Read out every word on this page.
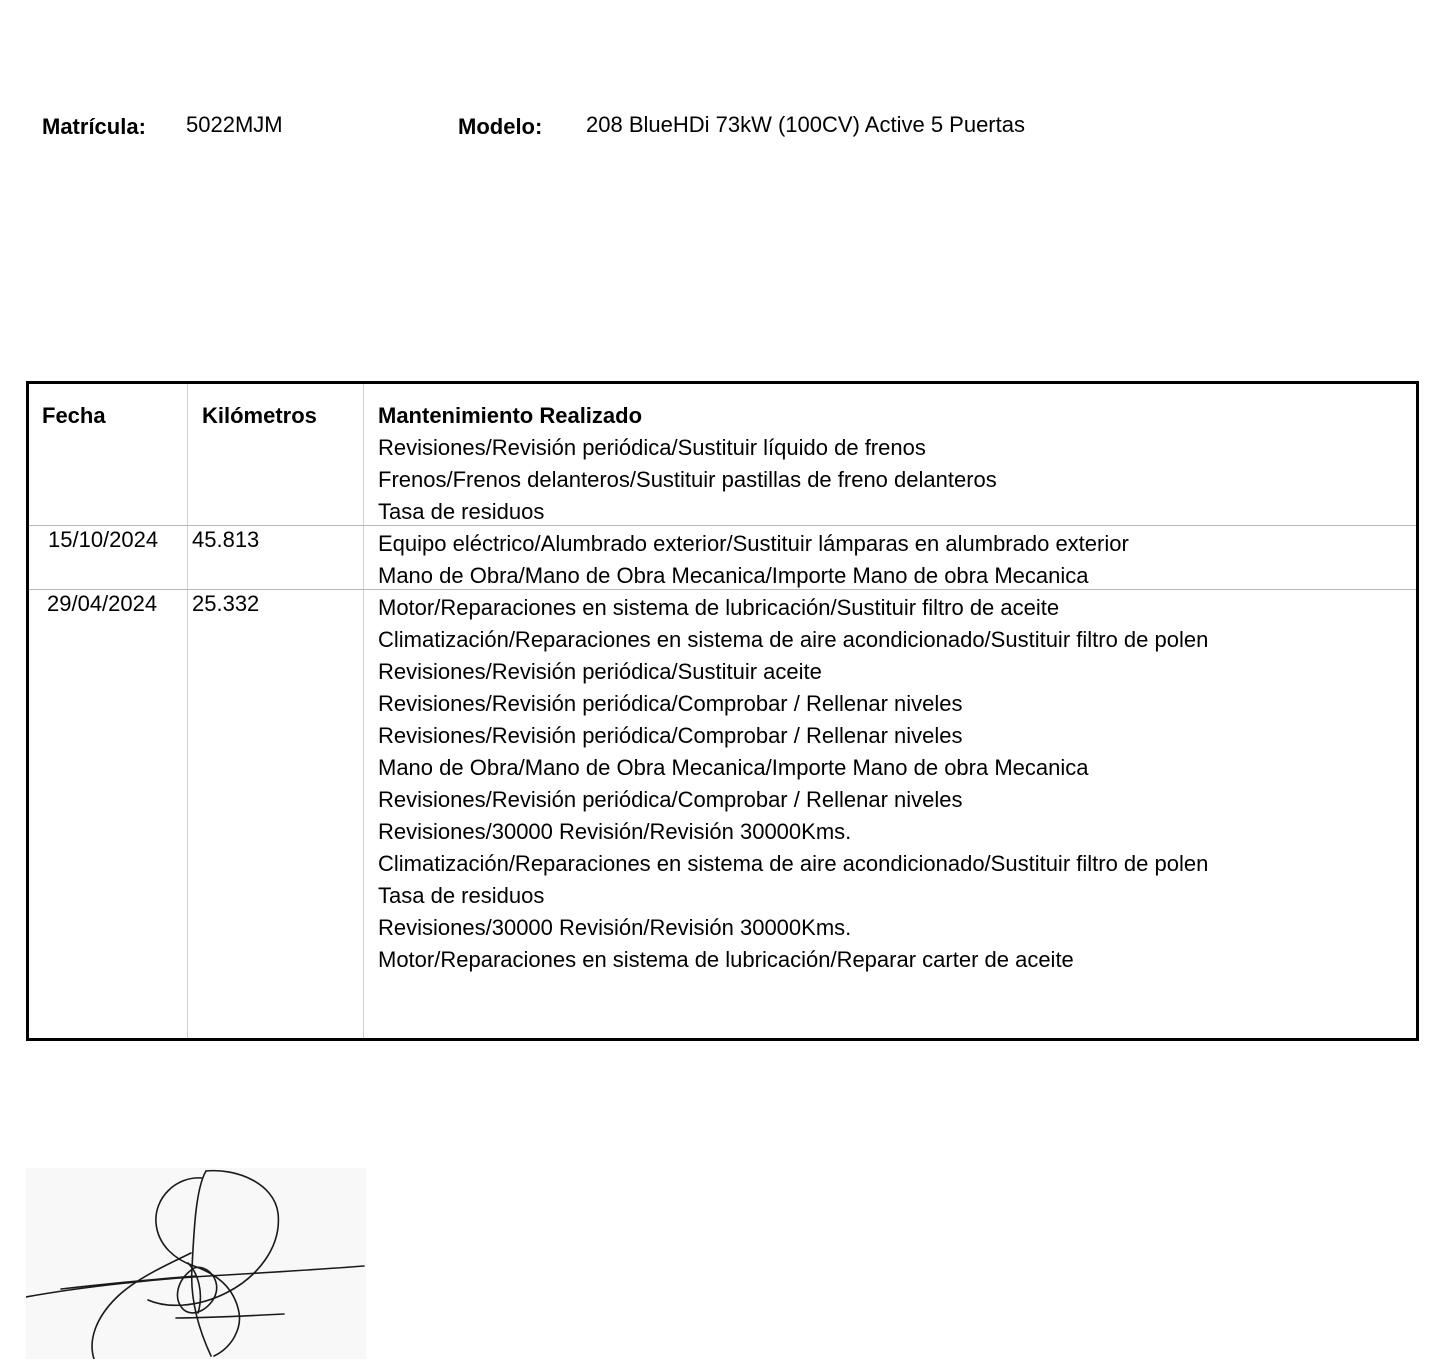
Matrícula: 5022MJM	Modelo: 208 BlueHDi 73kW (100CV) Active 5 Puertas
Fecha	Kilómetros	Mantenimiento Realizado
Revisiones/Revisión periódica/Sustituir líquido de frenos
Frenos/Frenos delanteros/Sustituir pastillas de freno delanteros
Tasa de residuos
15/10/2024 45.813	Equipo eléctrico/Alumbrado exterior/Sustituir lámparas en alumbrado exterior
Mano de Obra/Mano de Obra Mecanica/Importe Mano de obra Mecanica
29/04/2024 25.332	Motor/Reparaciones en sistema de lubricación/Sustituir filtro de aceite
Climatización/Reparaciones en sistema de aire acondicionado/Sustituir filtro de polen
Revisiones/Revisión periódica/Sustituir aceite
Revisiones/Revisión periódica/Comprobar / Rellenar niveles
Revisiones/Revisión periódica/Comprobar / Rellenar niveles
Mano de Obra/Mano de Obra Mecanica/Importe Mano de obra Mecanica
Revisiones/Revisión periódica/Comprobar / Rellenar niveles
Revisiones/30000 Revisión/Revisión 30000Kms.
Climatización/Reparaciones en sistema de aire acondicionado/Sustituir filtro de polen
Tasa de residuos
Revisiones/30000 Revisión/Revisión 30000Kms.
Motor/Reparaciones en sistema de lubricación/Reparar carter de aceite
